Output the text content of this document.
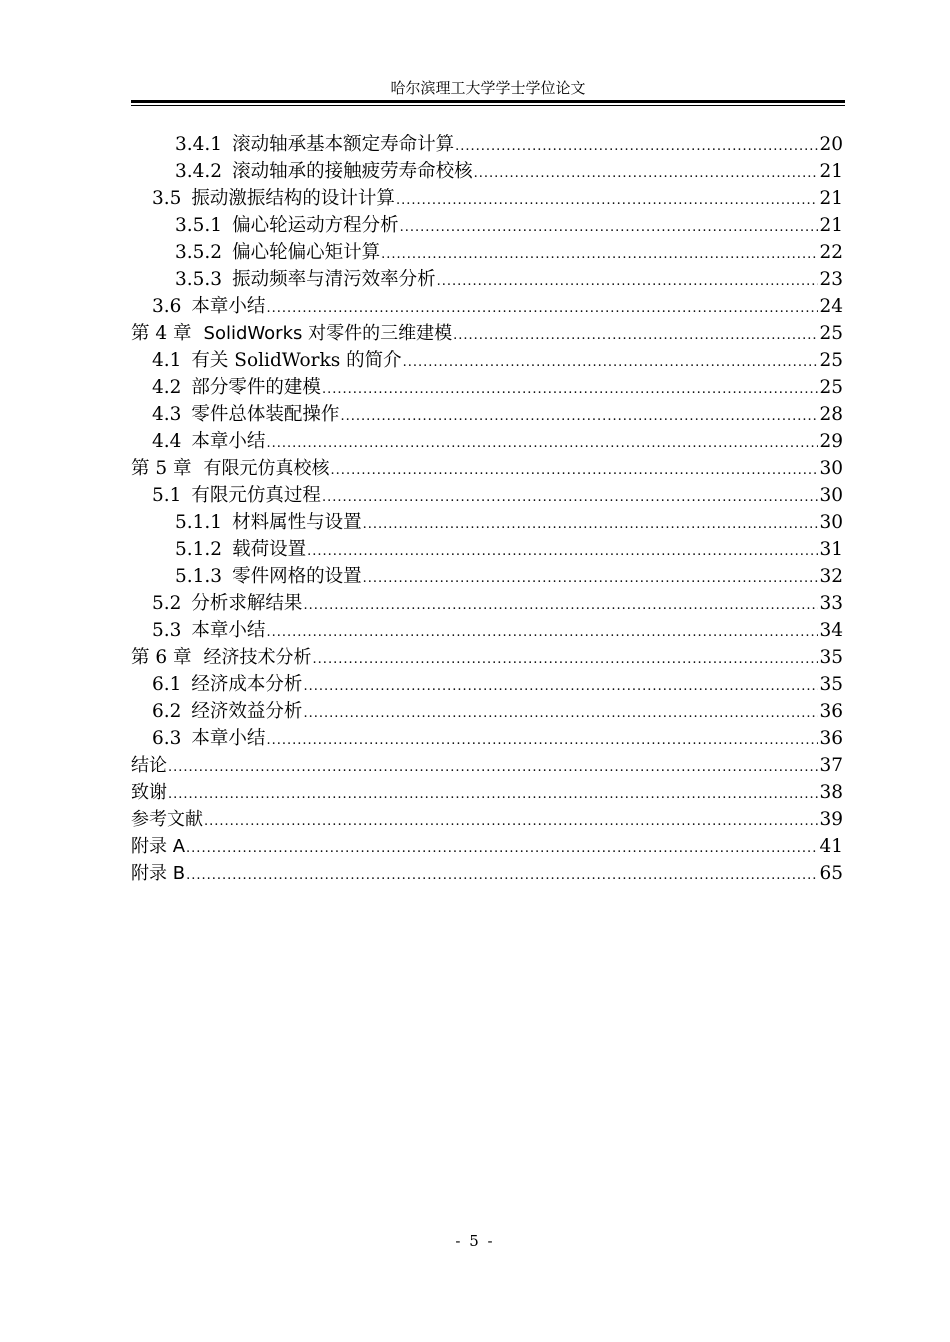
哈尔滨理工大学学士学位论文
3.4.1 滚动轴承基本额定寿命计算 .....	20
3.4.2 滚动轴承的接触疲劳寿命校核 .....	21
3.5 振动激振结构的设计计算 .....	21
3.5.1 偏心轮运动方程分析 .....	21
3.5.2 偏心轮偏心矩计算 .....	22
3.5.3 振动频率与清污效率分析 .....	23
3.6 本章小结 .....	24
第 4 章 SolidWorks 对零件的三维建模 .....	25
4.1 有关 SolidWorks 的简介 .....	25
4.2 部分零件的建模 .....	25
4.3 零件总体装配操作 .....	28
4.4 本章小结 .....	29
第 5 章 有限元仿真校核 .....	30
5.1 有限元仿真过程 .....	30
5.1.1 材料属性与设置 .....	30
5.1.2 载荷设置 .....	31
5.1.3 零件网格的设置 .....	32
5.2 分析求解结果 .....	33
5.3 本章小结 .....	34
第 6 章 经济技术分析 .....	35
6.1 经济成本分析 .....	35
6.2 经济效益分析 .....	36
6.3 本章小结 .....	36
结论 .....	37
致谢 .....	38
参考文献 .....	39
附录 A .....	41
附录 B .....	65
- 5 -
